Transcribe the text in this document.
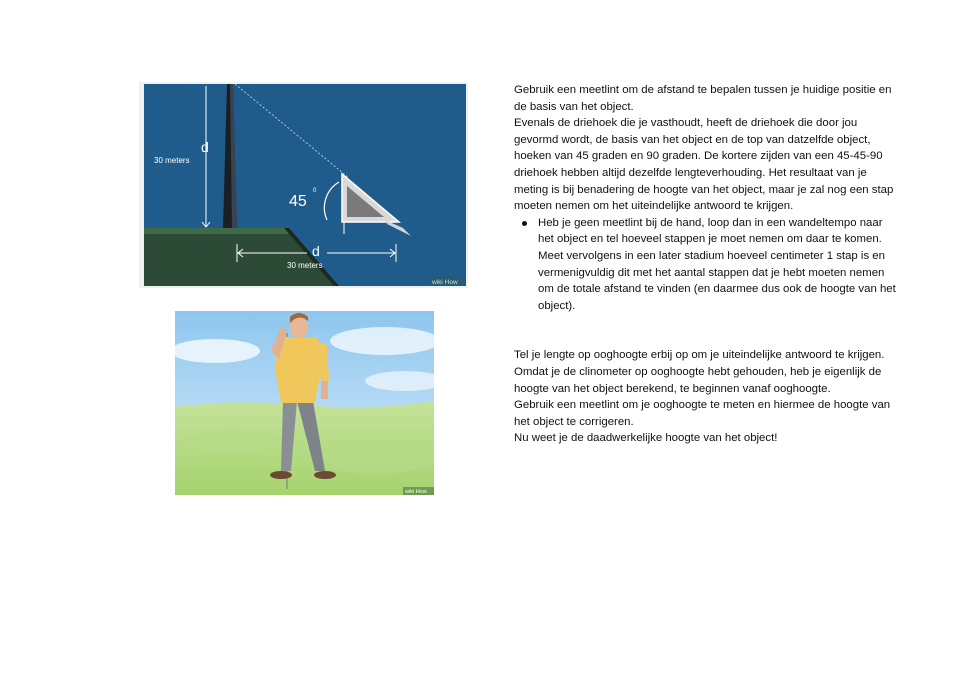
d
30 meters
45
0
d
30 meters
wiki How
wiki How

Gebruik een meetlint om de afstand te bepalen tussen je huidige positie en de basis van het object.

Evenals de driehoek die je vasthoudt, heeft de driehoek die door jou gevormd wordt, de basis van het object en de top van datzelfde object, hoeken van 45 graden en 90 graden. De kortere zijden van een 45-45-90 driehoek hebben altijd dezelfde lengteverhouding. Het resultaat van je meting is bij benadering de hoogte van het object, maar je zal nog een stap moeten nemen om het uiteindelijke antwoord te krijgen.

Heb je geen meetlint bij de hand, loop dan in een wandeltempo naar het object en tel hoeveel stappen je moet nemen om daar te komen. Meet vervolgens in een later stadium hoeveel centimeter 1 stap is en vermenigvuldig dit met het aantal stappen dat je hebt moeten nemen om de totale afstand te vinden (en daarmee dus ook de hoogte van het object).

Tel je lengte op ooghoogte erbij op om je uiteindelijke antwoord te krijgen.

Omdat je de clinometer op ooghoogte hebt gehouden, heb je eigenlijk de hoogte van het object berekend, te beginnen vanaf ooghoogte.

Gebruik een meetlint om je ooghoogte te meten en hiermee de hoogte van het object te corrigeren.

Nu weet je de daadwerkelijke hoogte van het object!
